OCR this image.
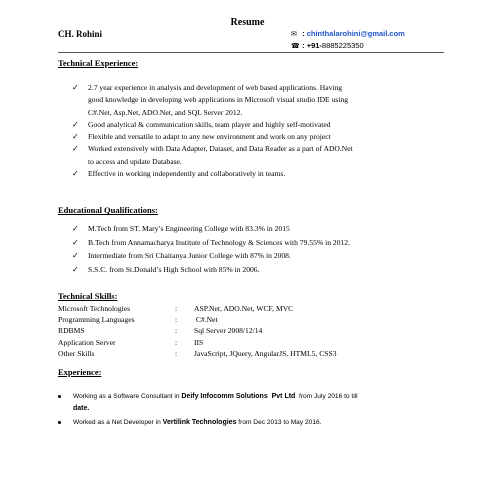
Resume
CH. Rohini	✉ : chinthalarohini@gmail.com
☎ : +91-8885225350
Technical Experience:
✓ 2.7 year experience in analysis and development of web based applications. Having
good knowledge in developing web applications in Microsoft visual studio IDE using
C#.Net, Asp.Net, ADO.Net, and SQL Server 2012.
✓ Good analytical & communication skills, team player and highly self-motivated
✓ Flexible and versatile to adapt to any new environment and work on any project
✓ Worked extensively with Data Adapter, Dataset, and Data Reader as a part of ADO.Net
to access and update Database.
✓ Effective in working independently and collaboratively in teams.
Educational Qualifications:
✓ M.Tech from ST. Mary’s Engineering College with 83.3% in 2015
✓ B.Tech from Annamacharya Institute of Technology & Sciences with 79.55% in 2012.
✓ Intermediate from Sri Chaitanya Junior College with 87% in 2008.
✓ S.S.C. from St.Donald’s High School with 85% in 2006.
Technical Skills:
Microsoft Technologies	:	ASP.Net, ADO.Net, WCF, MVC
Programming Languages	:	C#.Net
RDBMS	:	Sql Server 2008/12/14
Application Server	:	IIS
Other Skills	:	JavaScript, JQuery, AngularJS, HTML5, CSS3
Experience:
Working as a Software Consultant in Deify Infocomm Solutions  Pvt Ltd  from July 2016 to till
date.
Worked as a Net Developer in Vertilink Technologies from Dec 2013 to May 2016.
